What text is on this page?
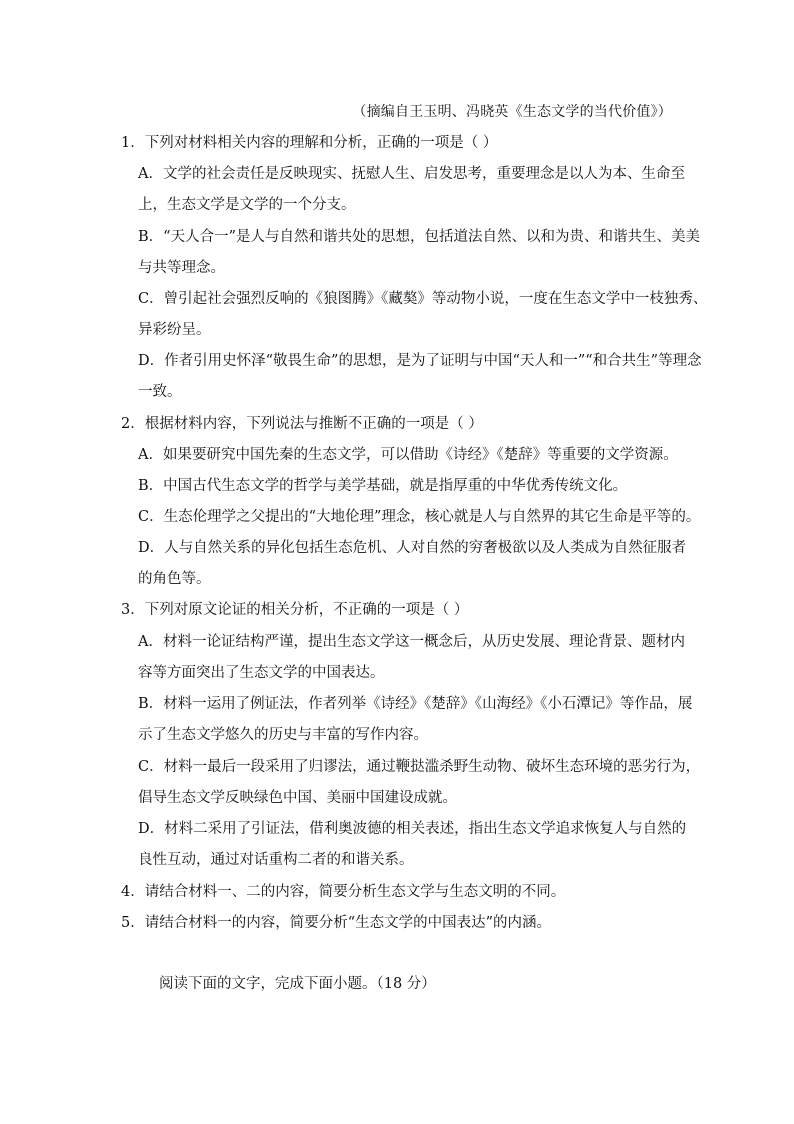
（摘编自王玉明、冯晓英《生态文学的当代价值》）
1．下列对材料相关内容的理解和分析，正确的一项是（ ）
A．文学的社会责任是反映现实、抚慰人生、启发思考，重要理念是以人为本、生命至
上，生态文学是文学的一个分支。
B．“天人合一”是人与自然和谐共处的思想，包括道法自然、以和为贵、和谐共生、美美
与共等理念。
C．曾引起社会强烈反响的《狼图腾》《藏獒》等动物小说，一度在生态文学中一枝独秀、
异彩纷呈。
D．作者引用史怀泽“敬畏生命”的思想，是为了证明与中国“天人和一”“和合共生”等理念
一致。
2．根据材料内容，下列说法与推断不正确的一项是（ ）
A．如果要研究中国先秦的生态文学，可以借助《诗经》《楚辞》等重要的文学资源。
B．中国古代生态文学的哲学与美学基础，就是指厚重的中华优秀传统文化。
C．生态伦理学之父提出的“大地伦理”理念，核心就是人与自然界的其它生命是平等的。
D．人与自然关系的异化包括生态危机、人对自然的穷奢极欲以及人类成为自然征服者
的角色等。
3．下列对原文论证的相关分析，不正确的一项是（ ）
A．材料一论证结构严谨，提出生态文学这一概念后，从历史发展、理论背景、题材内
容等方面突出了生态文学的中国表达。
B．材料一运用了例证法，作者列举《诗经》《楚辞》《山海经》《小石潭记》等作品，展
示了生态文学悠久的历史与丰富的写作内容。
C．材料一最后一段采用了归谬法，通过鞭挞滥杀野生动物、破坏生态环境的恶劣行为，
倡导生态文学反映绿色中国、美丽中国建设成就。
D．材料二采用了引证法，借利奥波德的相关表述，指出生态文学追求恢复人与自然的
良性互动，通过对话重构二者的和谐关系。
4．请结合材料一、二的内容，简要分析生态文学与生态文明的不同。
5．请结合材料一的内容，简要分析“生态文学的中国表达”的内涵。
阅读下面的文字，完成下面小题。（18 分）
